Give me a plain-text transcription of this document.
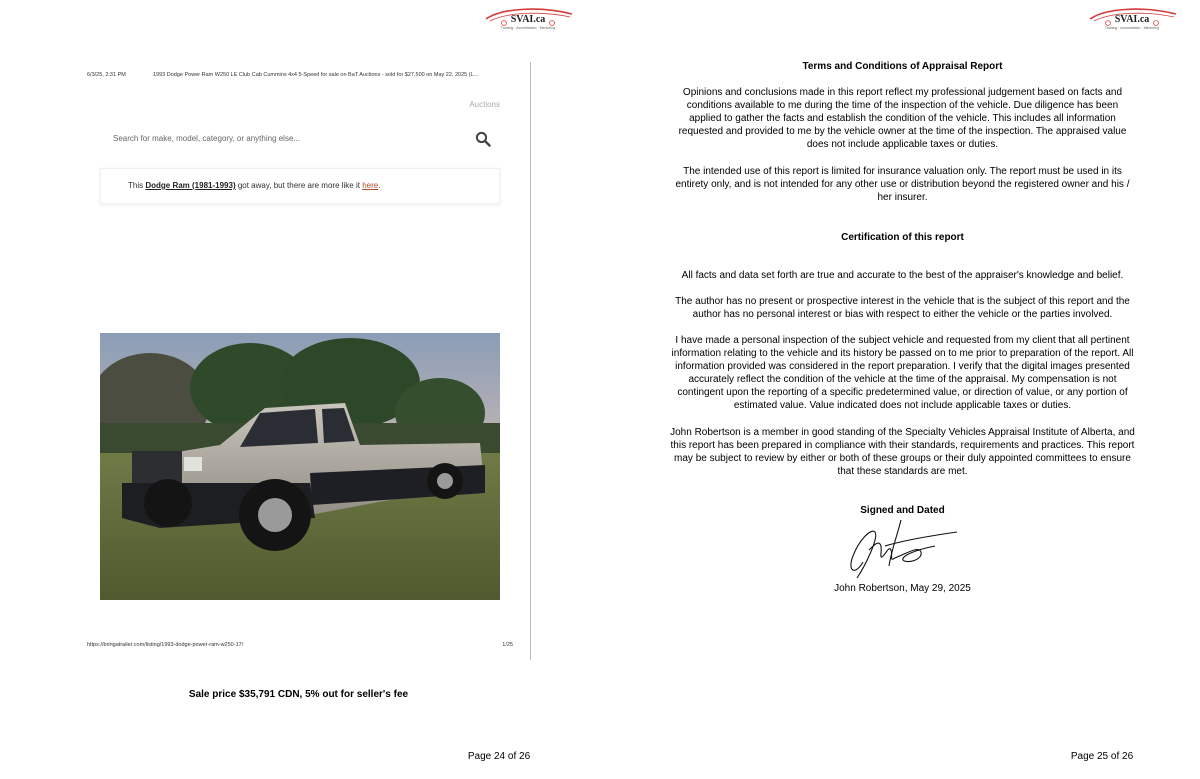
SVAI.ca
Training · Accreditation · Mentoring
6/3/25, 2:31 PM	1993 Dodge Power Ram W250 LE Club Cab Cummins 4x4 5-Speed for sale on BaT Auctions - sold for $27,500 on May 22, 2025 (L...
Auctions
Search for make, model, category, or anything else...
This Dodge Ram (1981-1993) got away, but there are more like it here.
https://bringatrailer.com/listing/1993-dodge-power-ram-w250-17/	1/25
Sale price $35,791 CDN, 5% out for seller's fee
Page 24 of 26
SVAI.ca
Training · Accreditation · Mentoring
Terms and Conditions of Appraisal Report
Opinions and conclusions made in this report reflect my professional judgement based on facts and conditions available to me during the time of the inspection of the vehicle. Due diligence has been applied to gather the facts and establish the condition of the vehicle. This includes all information requested and provided to me by the vehicle owner at the time of the inspection. The appraised value does not include applicable taxes or duties.
The intended use of this report is limited for insurance valuation only. The report must be used in its entirety only, and is not intended for any other use or distribution beyond the registered owner and his / her insurer.
Certification of this report
All facts and data set forth are true and accurate to the best of the appraiser's knowledge and belief.
The author has no present or prospective interest in the vehicle that is the subject of this report and the author has no personal interest or bias with respect to either the vehicle or the parties involved.
I have made a personal inspection of the subject vehicle and requested from my client that all pertinent information relating to the vehicle and its history be passed on to me prior to preparation of the report. All information provided was considered in the report preparation. I verify that the digital images presented accurately reflect the condition of the vehicle at the time of the appraisal. My compensation is not contingent upon the reporting of a specific predetermined value, or direction of value, or any portion of estimated value. Value indicated does not include applicable taxes or duties.
John Robertson is a member in good standing of the Specialty Vehicles Appraisal Institute of Alberta, and this report has been prepared in compliance with their standards, requirements and practices. This report may be subject to review by either or both of these groups or their duly appointed committees to ensure that these standards are met.
Signed and Dated
John Robertson, May 29, 2025
Page 25 of 26
